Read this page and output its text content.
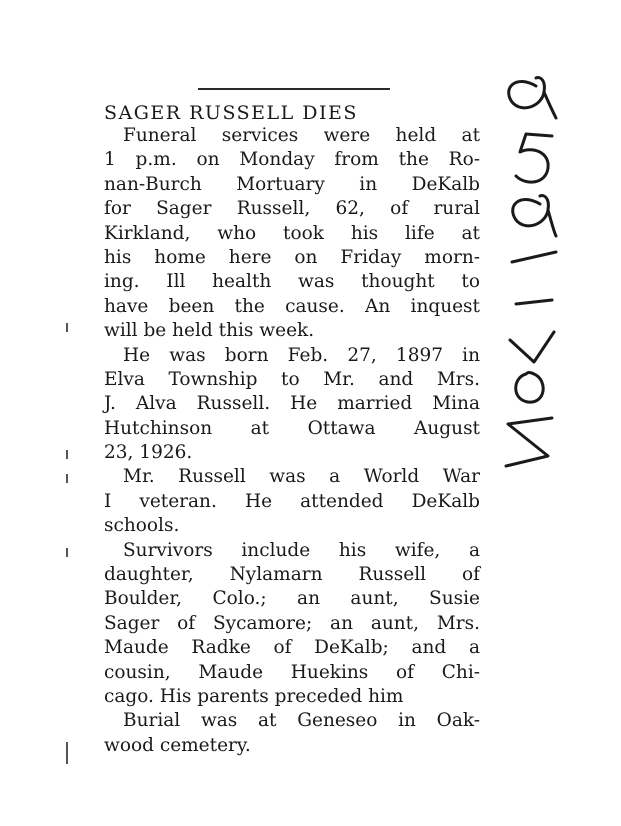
SAGER RUSSELL DIES
Funeral services were held at
1 p.m. on Monday from the Ro-
nan-Burch Mortuary in DeKalb
for Sager Russell, 62, of rural
Kirkland, who took his life at
his home here on Friday morn-
ing. Ill health was thought to
have been the cause. An inquest
will be held this week.
He was born Feb. 27, 1897 in
Elva Township to Mr. and Mrs.
J. Alva Russell. He married Mina
Hutchinson at Ottawa August
23, 1926.
Mr. Russell was a World War
I veteran. He attended DeKalb
schools.
Survivors include his wife, a
daughter, Nylamarn Russell of
Boulder, Colo.; an aunt, Susie
Sager of Sycamore; an aunt, Mrs.
Maude Radke of DeKalb; and a
cousin, Maude Huekins of Chi-
cago. His parents preceded him
Burial was at Geneseo in Oak-
wood cemetery.
